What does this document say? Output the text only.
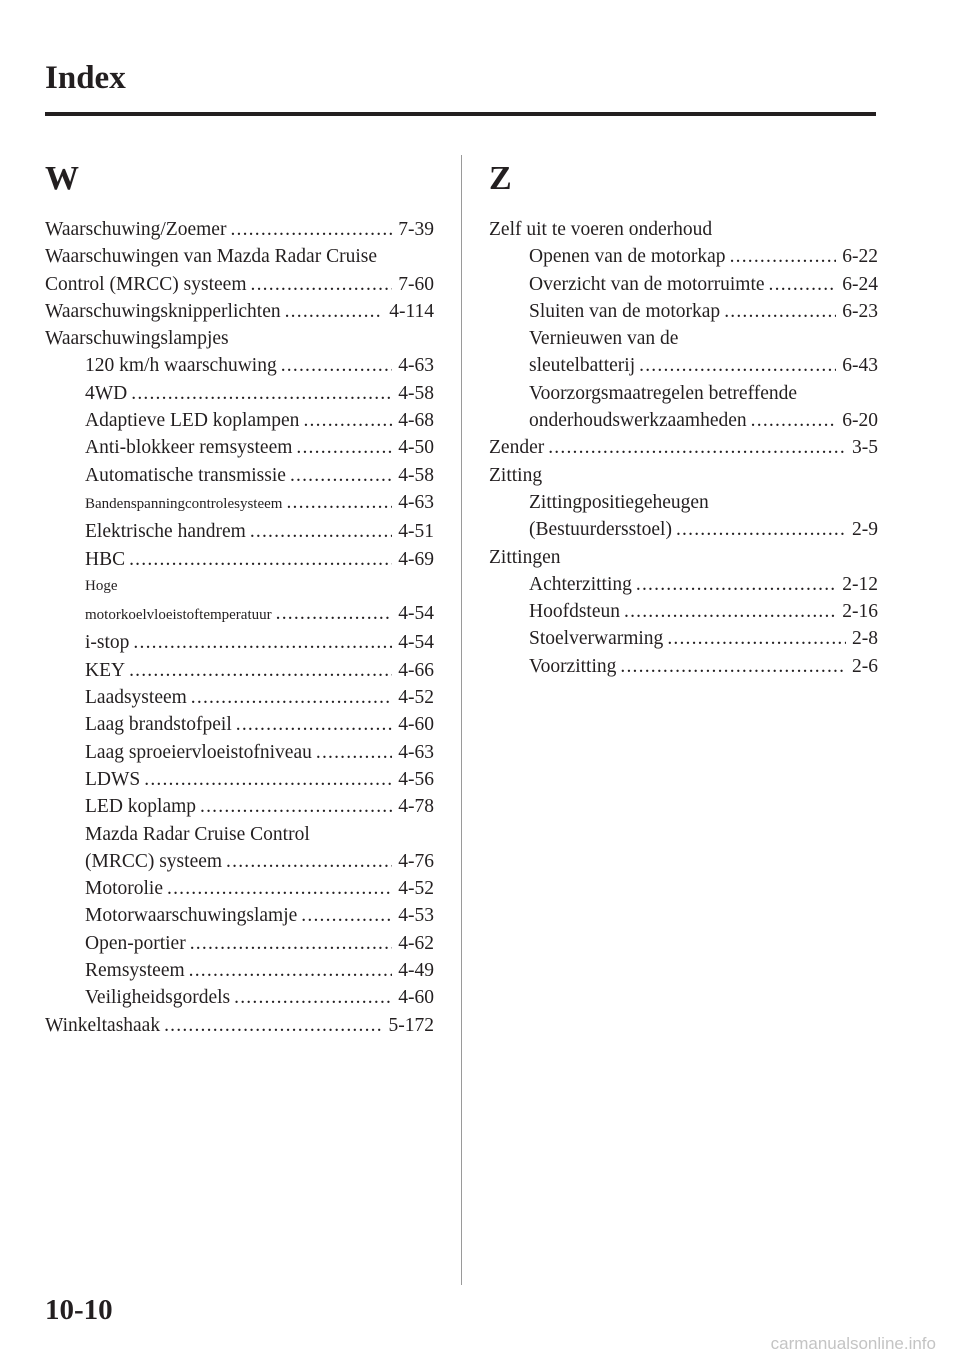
Index
W
Waarschuwing/Zoemer .....	7-39
Waarschuwingen van Mazda Radar Cruise
Control (MRCC) systeem .....	7-60
Waarschuwingsknipperlichten .....	4-114
Waarschuwingslampjes
120 km/h waarschuwing .....	4-63
4WD .....	4-58
Adaptieve LED koplampen .....	4-68
Anti-blokkeer remsysteem .....	4-50
Automatische transmissie .....	4-58
Bandenspanningcontrolesysteem .....	4-63
Elektrische handrem .....	4-51
HBC .....	4-69
Hoge
motorkoelvloeistoftemperatuur .....	4-54
i-stop .....	4-54
KEY .....	4-66
Laadsysteem .....	4-52
Laag brandstofpeil .....	4-60
Laag sproeiervloeistofniveau .....	4-63
LDWS .....	4-56
LED koplamp .....	4-78
Mazda Radar Cruise Control
(MRCC) systeem .....	4-76
Motorolie .....	4-52
Motorwaarschuwingslamje .....	4-53
Open-portier .....	4-62
Remsysteem .....	4-49
Veiligheidsgordels .....	4-60
Winkeltashaak .....	5-172
Z
Zelf uit te voeren onderhoud
Openen van de motorkap .....	6-22
Overzicht van de motorruimte .....	6-24
Sluiten van de motorkap .....	6-23
Vernieuwen van de
sleutelbatterij .....	6-43
Voorzorgsmaatregelen betreffende
onderhoudswerkzaamheden .....	6-20
Zender .....	3-5
Zitting
Zittingpositiegeheugen
(Bestuurdersstoel) .....	2-9
Zittingen
Achterzitting .....	2-12
Hoofdsteun .....	2-16
Stoelverwarming .....	2-8
Voorzitting .....	2-6
10-10
carmanualsonline.info
